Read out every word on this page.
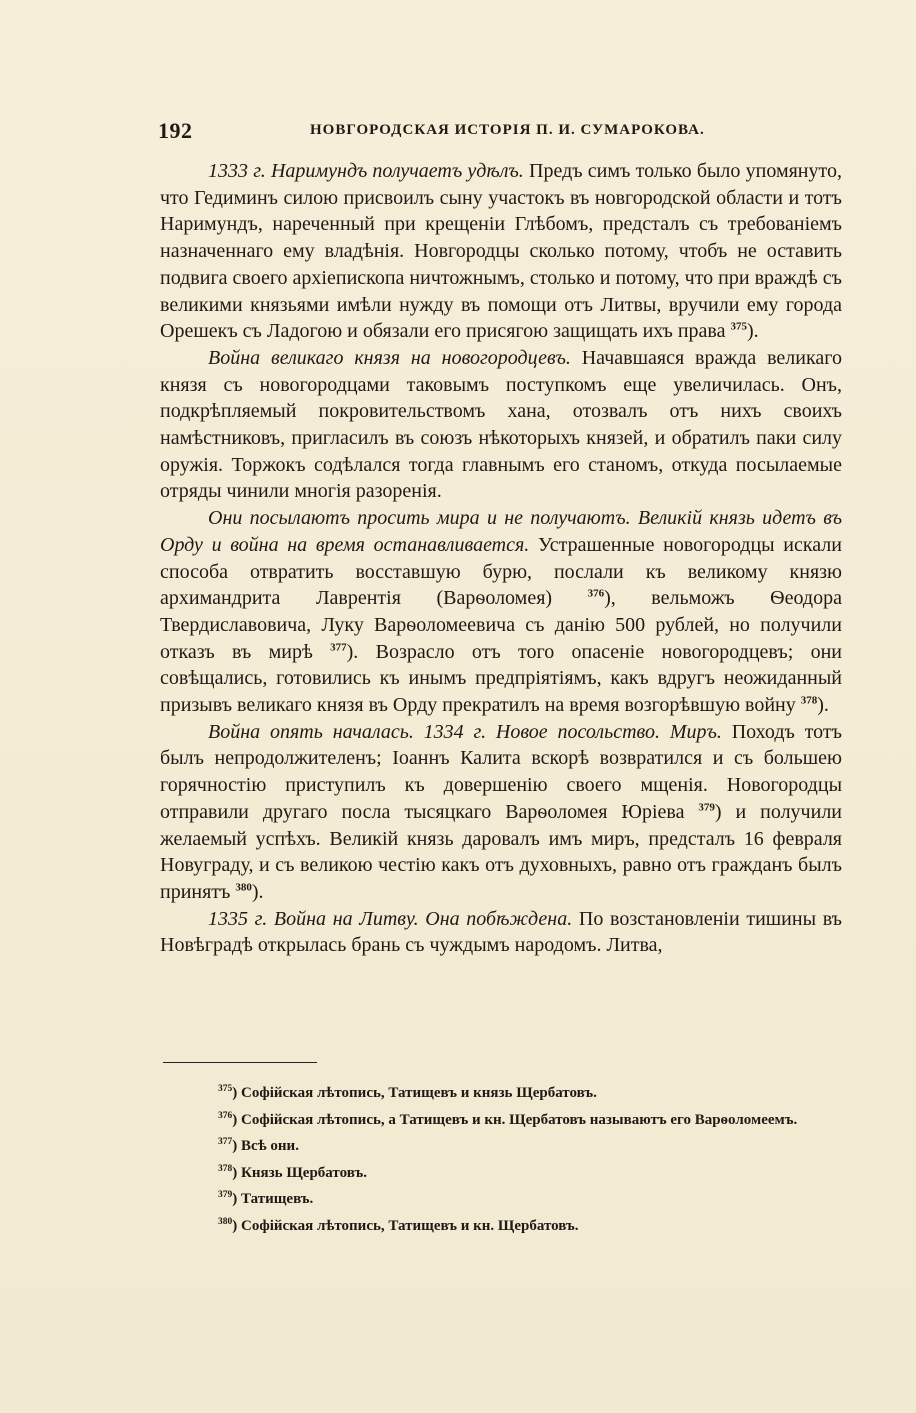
192	НОВГОРОДСКАЯ ИСТОРІЯ П. И. СУМАРОКОВА.

1333 г. Наримундъ получаетъ удѣлъ. Предъ симъ только было упомянуто, что Гедиминъ силою присвоилъ сыну участокъ въ новгородской области и тотъ Наримундъ, нареченный при крещеніи Глѣбомъ, предсталъ съ требованіемъ назначеннаго ему владѣнія. Новгородцы сколько потому, чтобъ не оставить подвига своего архіепископа ничтожнымъ, столько и потому, что при враждѣ съ великими князьями имѣли нужду въ помощи отъ Литвы, вручили ему города Орешекъ съ Ладогою и обязали его присягою защищать ихъ права $^{375}$).

Война великаго князя на новогородцевъ. Начавшаяся вражда великаго князя съ новогородцами таковымъ поступкомъ еще увеличилась. Онъ, подкрѣпляемый покровительствомъ хана, отозвалъ отъ нихъ своихъ намѣстниковъ, пригласилъ въ союзъ нѣкоторыхъ князей, и обратилъ паки силу оружія. Торжокъ содѣлался тогда главнымъ его станомъ, откуда посылаемые отряды чинили многія разоренія.

Они посылаютъ просить мира и не получаютъ. Великій князь идетъ въ Орду и война на время останавливается. Устрашенные новогородцы искали способа отвратить восставшую бурю, послали къ великому князю архимандрита Лаврентія (Варѳоломея) $^{376}$), вельможъ Ѳеодора Твердиславовича, Луку Варѳоломеевича съ данію 500 рублей, но получили отказъ въ мирѣ $^{377}$). Возрасло отъ того опасеніе новогородцевъ; они совѣщались, готовились къ инымъ предпріятіямъ, какъ вдругъ неожиданный призывъ великаго князя въ Орду прекратилъ на время возгорѣвшую войну $^{378}$).

Война опять началась. 1334 г. Новое посольство. Миръ. Походъ тотъ былъ непродолжителенъ; Іоаннъ Калита вскорѣ возвратился и съ большею горячностію приступилъ къ довершенію своего мщенія. Новогородцы отправили другаго посла тысяцкаго Варѳоломея Юріева $^{379}$) и получили желаемый успѣхъ. Великій князь даровалъ имъ миръ, предсталъ 16 февраля Новуграду, и съ великою честію какъ отъ духовныхъ, равно отъ гражданъ былъ принятъ $^{380}$).

1335 г. Война на Литву. Она побѣждена. По возстановленіи тишины въ Новѣградѣ открылась брань съ чуждымъ народомъ. Литва,

$^{375}$) Софійская лѣтопись, Татищевъ и князь Щербатовъ.

$^{376}$) Софійская лѣтопись, а Татищевъ и кн. Щербатовъ называютъ его Варѳоломеемъ.

$^{377}$) Всѣ они.

$^{378}$) Князь Щербатовъ.

$^{379}$) Татищевъ.

$^{380}$) Софійская лѣтопись, Татищевъ и кн. Щербатовъ.
